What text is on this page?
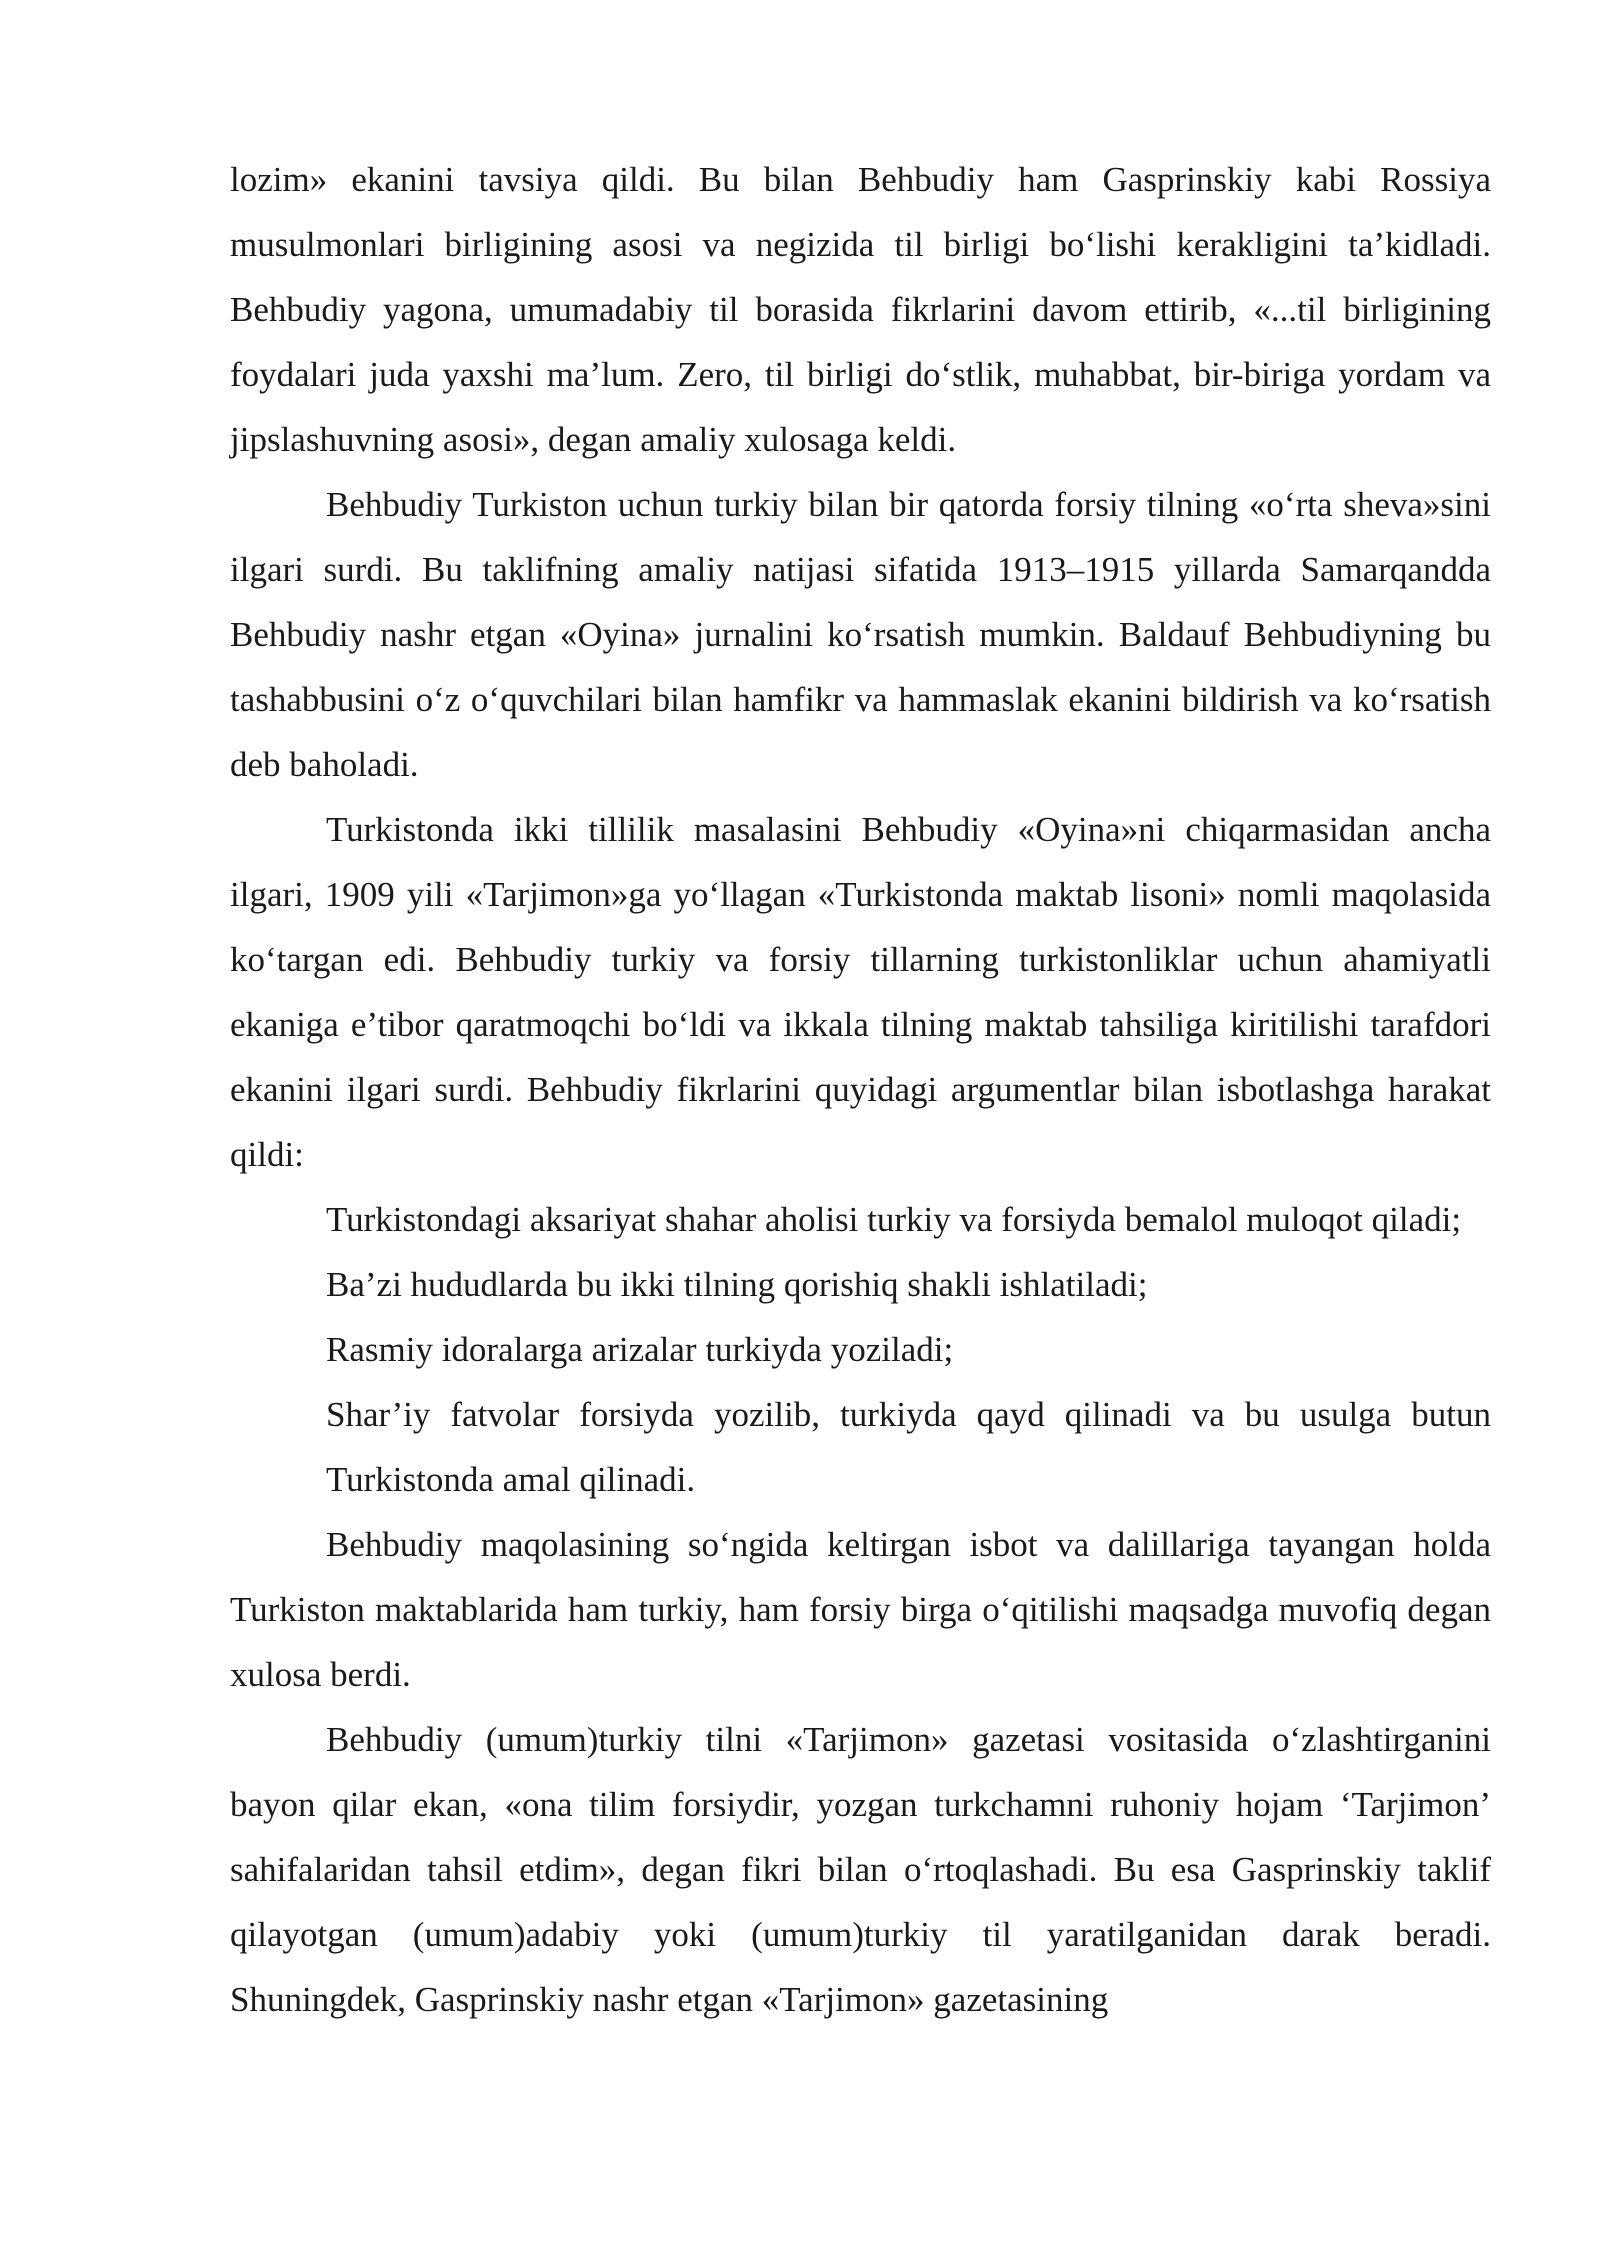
lozim» ekanini tavsiya qildi. Bu bilan Behbudiy ham Gasprinskiy kabi Rossiya musulmonlari birligining asosi va negizida til birligi bo‘lishi kerakligini ta’kidladi. Behbudiy yagona, umumadabiy til borasida fikrlarini davom ettirib, «...til birligining foydalari juda yaxshi ma’lum. Zero, til birligi do‘stlik, muhabbat, bir-biriga yordam va jipslashuvning asosi», degan amaliy xulosaga keldi.

Behbudiy Turkiston uchun turkiy bilan bir qatorda forsiy tilning «o‘rta sheva»sini ilgari surdi. Bu taklifning amaliy natijasi sifatida 1913–1915 yillarda Samarqandda Behbudiy nashr etgan «Oyina» jurnalini ko‘rsatish mumkin. Baldauf Behbudiyning bu tashabbusini o‘z o‘quvchilari bilan hamfikr va hammaslak ekanini bildirish va ko‘rsatish deb baholadi.

Turkistonda ikki tillilik masalasini Behbudiy «Oyina»ni chiqarmasidan ancha ilgari, 1909 yili «Tarjimon»ga yo‘llagan «Turkistonda maktab lisoni» nomli maqolasida ko‘targan edi. Behbudiy turkiy va forsiy tillarning turkistonliklar uchun ahamiyatli ekaniga e’tibor qaratmoqchi bo‘ldi va ikkala tilning maktab tahsiliga kiritilishi tarafdori ekanini ilgari surdi. Behbudiy fikrlarini quyidagi argumentlar bilan isbotlashga harakat qildi:

Turkistondagi aksariyat shahar aholisi turkiy va forsiyda bemalol muloqot qiladi;

Ba’zi hududlarda bu ikki tilning qorishiq shakli ishlatiladi;

Rasmiy idoralarga arizalar turkiyda yoziladi;

Shar’iy fatvolar forsiyda yozilib, turkiyda qayd qilinadi va bu usulga butun Turkistonda amal qilinadi.

Behbudiy maqolasining so‘ngida keltirgan isbot va dalillariga tayangan holda Turkiston maktablarida ham turkiy, ham forsiy birga o‘qitilishi maqsadga muvofiq degan xulosa berdi.

Behbudiy (umum)turkiy tilni «Tarjimon» gazetasi vositasida o‘zlashtirganini bayon qilar ekan, «ona tilim forsiydir, yozgan turkchamni ruhoniy hojam ‘Tarjimon’ sahifalaridan tahsil etdim», degan fikri bilan o‘rtoqlashadi. Bu esa Gasprinskiy taklif qilayotgan (umum)adabiy yoki (umum)turkiy til yaratilganidan darak beradi. Shuningdek, Gasprinskiy nashr etgan «Tarjimon» gazetasining
